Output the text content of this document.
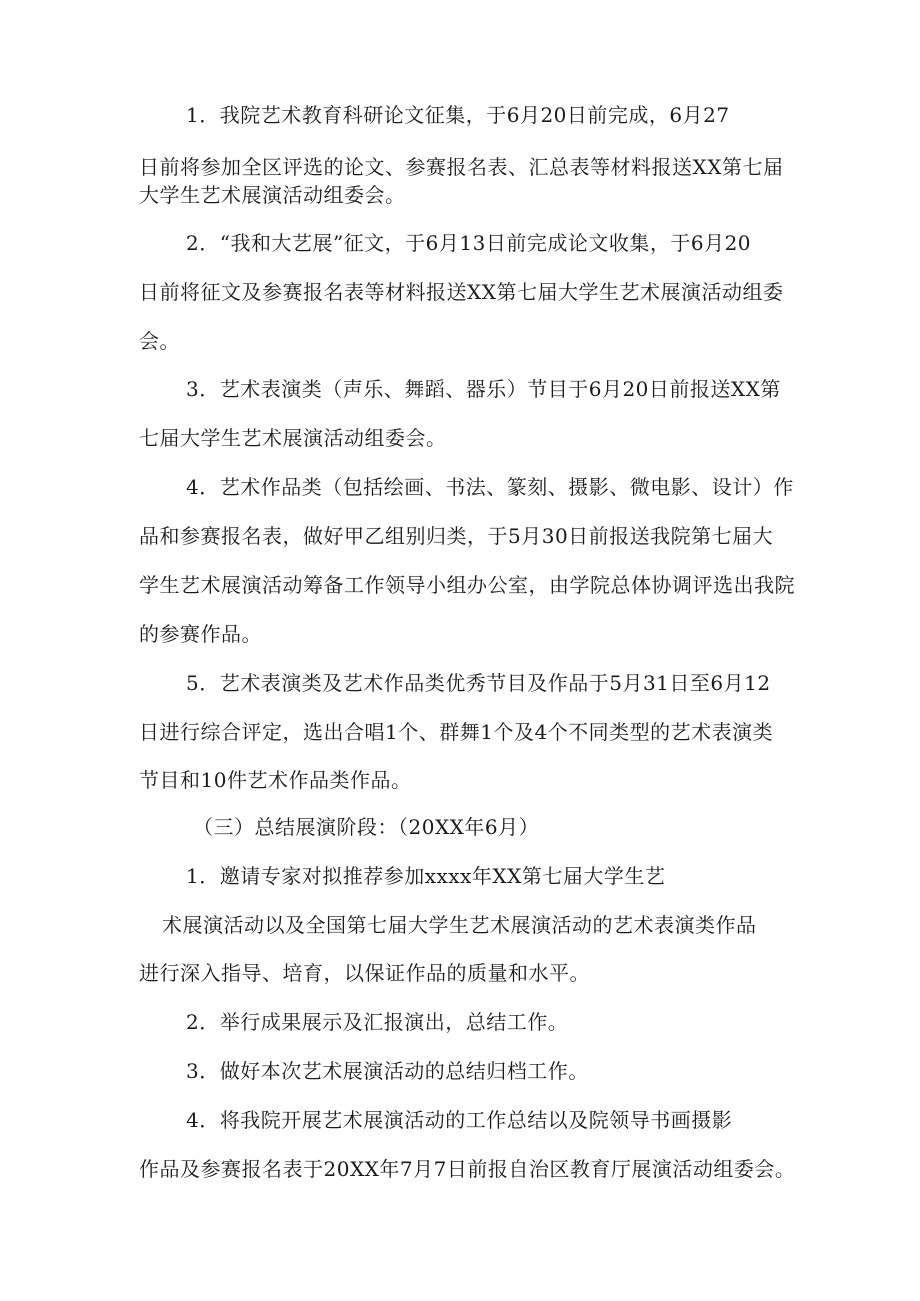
1．我院艺术教育科研论文征集，于6月20日前完成，6月27
日前将参加全区评选的论文、参赛报名表、汇总表等材料报送XX第七届
大学生艺术展演活动组委会。
2．“我和大艺展”征文，于6月13日前完成论文收集，于6月20
日前将征文及参赛报名表等材料报送XX第七届大学生艺术展演活动组委
会。
3．艺术表演类（声乐、舞蹈、器乐）节目于6月20日前报送XX第
七届大学生艺术展演活动组委会。
4．艺术作品类（包括绘画、书法、篆刻、摄影、微电影、设计）作
品和参赛报名表，做好甲乙组别归类，于5月30日前报送我院第七届大
学生艺术展演活动筹备工作领导小组办公室，由学院总体协调评选出我院
的参赛作品。
5．艺术表演类及艺术作品类优秀节目及作品于5月31日至6月12
日进行综合评定，选出合唱1个、群舞1个及4个不同类型的艺术表演类
节目和10件艺术作品类作品。
（三）总结展演阶段：（20XX年6月）
1．邀请专家对拟推荐参加xxxx年XX第七届大学生艺
术展演活动以及全国第七届大学生艺术展演活动的艺术表演类作品
进行深入指导、培育，以保证作品的质量和水平。
2．举行成果展示及汇报演出，总结工作。
3．做好本次艺术展演活动的总结归档工作。
4．将我院开展艺术展演活动的工作总结以及院领导书画摄影
作品及参赛报名表于20XX年7月7日前报自治区教育厅展演活动组委会。
